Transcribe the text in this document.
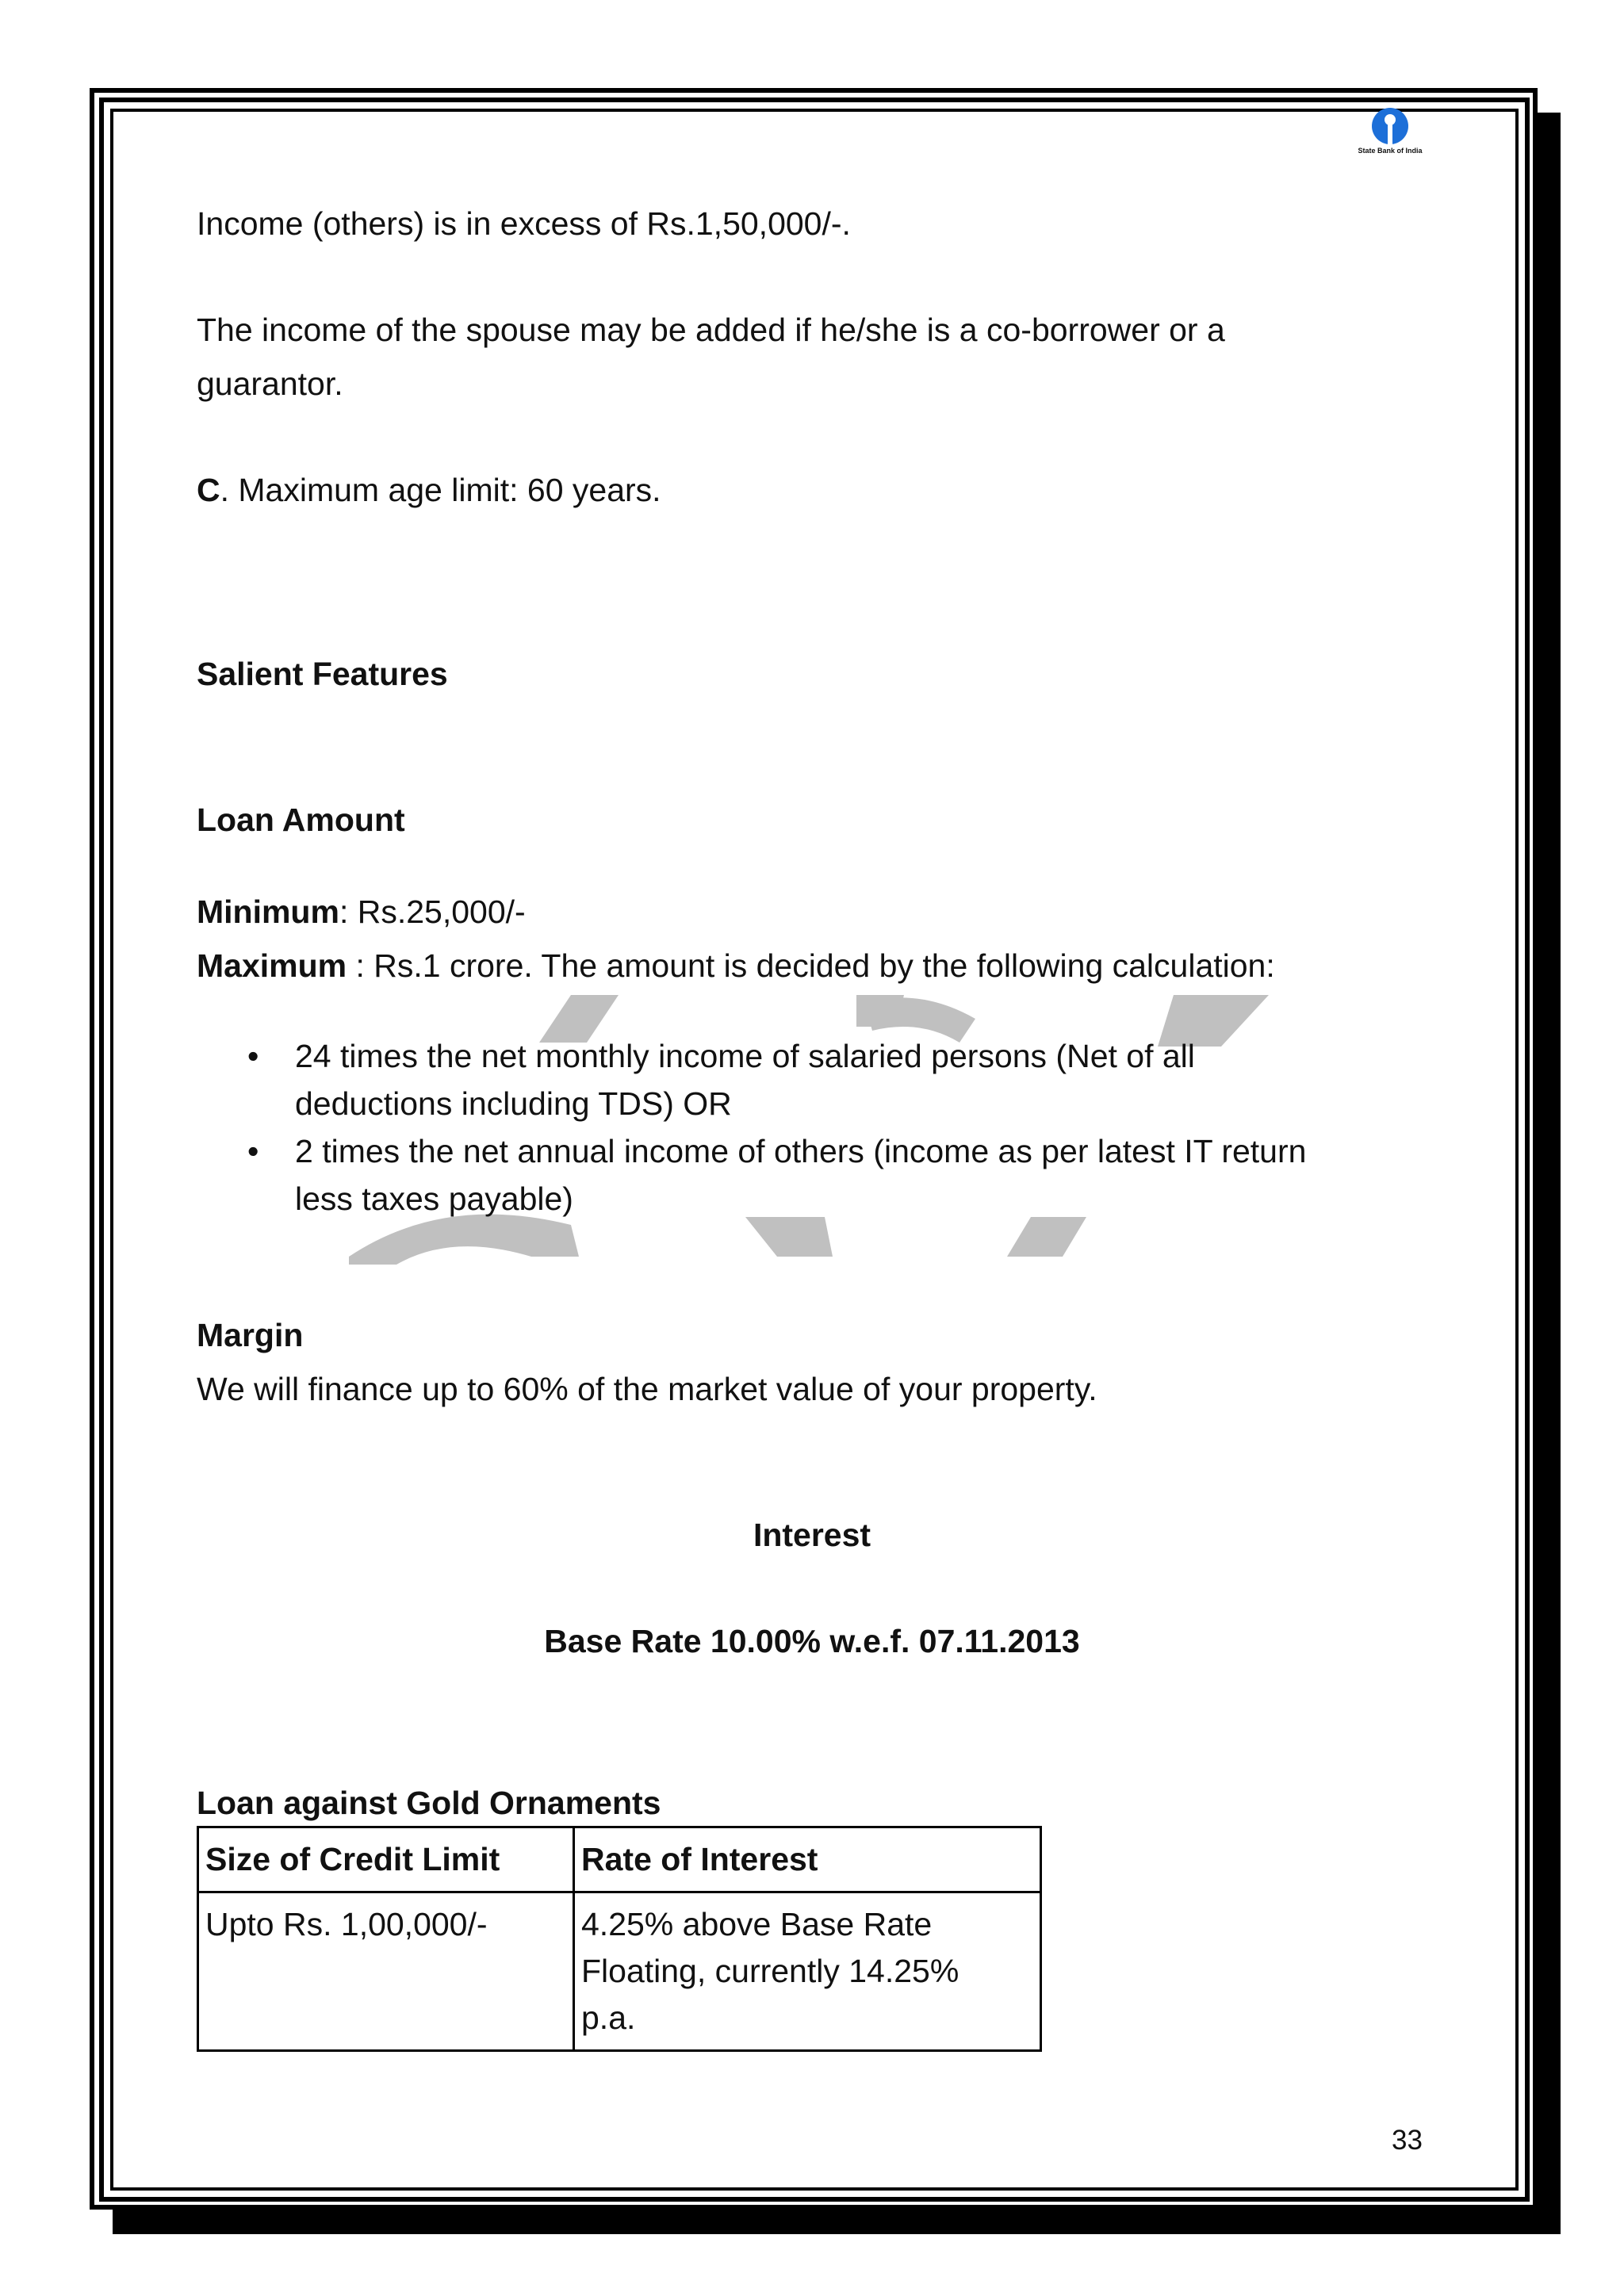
State Bank of India

Income (others) is in excess of Rs.1,50,000/-.

The income of the spouse may be added if he/she is a co-borrower or a

guarantor.

C. Maximum age limit: 60 years.

Salient Features

Loan Amount

Minimum: Rs.25,000/-

Maximum : Rs.1 crore. The amount is decided by the following calculation:

• 24 times the net monthly income of salaried persons (Net of all
deductions including TDS) OR
• 2 times the net annual income of others (income as per latest IT return
less taxes payable)

Margin

We will finance up to 60% of the market value of your property.

Interest

Base Rate 10.00% w.e.f. 07.11.2013

Loan against Gold Ornaments

Size of Credit Limit	Rate of Interest
Upto Rs. 1,00,000/-	4.25% above Base Rate
Floating, currently 14.25%
p.a.
33
